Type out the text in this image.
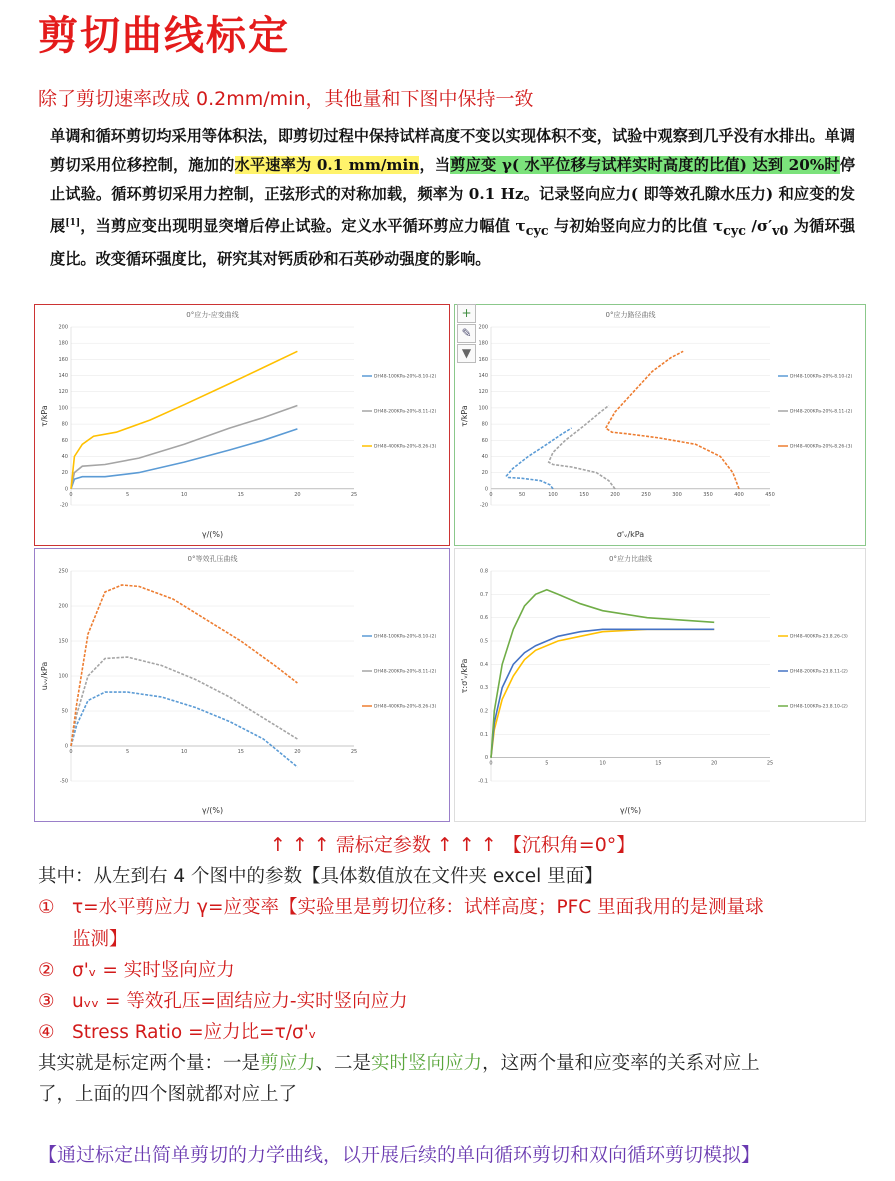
剪切曲线标定
除了剪切速率改成 0.2mm/min，其他量和下图中保持一致
单调和循环剪切均采用等体积法，即剪切过程中保持试样高度不变以实现体积不变，试验中观察到几乎没有水排出。单调剪切采用位移控制，施加的水平速率为 0.1 mm/min，当剪应变 γ( 水平位移与试样实时高度的比值) 达到 20%时停止试验。循环剪切采用力控制，正弦形式的对称加载，频率为 0.1 Hz。记录竖向应力( 即等效孔隙水压力) 和应变的发展[1]，当剪应变出现明显突增后停止试验。定义水平循环剪应力幅值 $\tau_{cyc}$ 与初始竖向应力的比值 $\tau_{cyc}$ $/\sigma'_{v0}$ 为循环强度比。改变循环强度比，研究其对钙质砂和石英砂动强度的影响。
0°应力-应变曲线
-20
0
20
40
60
80
100
120
140
160
180
200
0	5	10	15	20	25
γ/(%)
τ/kPa
DH48-100KPa-20%-8.10-(2)
DH48-200KPa-20%-8.11-(2)
DH48-400KPa-20%-8.26-(3)
0°应力路径曲线
-20
0
20
40
60
80
100
120
140
160
180
200
0	50	100	150	200	250	300	350	400	450
σ'ᵥ/kPa
τ/kPa
DH48-100KPa-20%-8.10-(2)
DH48-200KPa-20%-8.11-(2)
DH48-400KPa-20%-8.26-(3)
0°等效孔压曲线
-50
0
50
100
150
200
250
0	5	10	15	20	25
γ/(%)
uᵥᵥ/kPa
DH48-100KPa-20%-8.10-(2)
DH48-200KPa-20%-8.11-(2)
DH48-400KPa-20%-8.26-(3)
0°应力比曲线
-0.1
0
0.1
0.2
0.3
0.4
0.5
0.6
0.7
0.8
0	5	10	15	20	25
γ/(%)
τ:σ'ᵥ/kPa
DH48-400KPa-23.8.26-(3)
DH48-200KPa-23.8.11-(2)
DH48-100KPa-23.8.10-(2)
+
✎
▼
↑ ↑ ↑ 需标定参数 ↑ ↑ ↑ 【沉积角=0°】
其中：从左到右 4 个图中的参数【具体数值放在文件夹 excel 里面】
① τ=水平剪应力 γ=应变率【实验里是剪切位移：试样高度；PFC 里面我用的是测量球
监测】
② σ'ᵥ = 实时竖向应力
③ uᵥᵥ = 等效孔压=固结应力-实时竖向应力
④ Stress Ratio =应力比=τ/σ'ᵥ
其实就是标定两个量：一是剪应力、二是实时竖向应力，这两个量和应变率的关系对应上
了，上面的四个图就都对应上了
【通过标定出简单剪切的力学曲线，以开展后续的单向循环剪切和双向循环剪切模拟】
